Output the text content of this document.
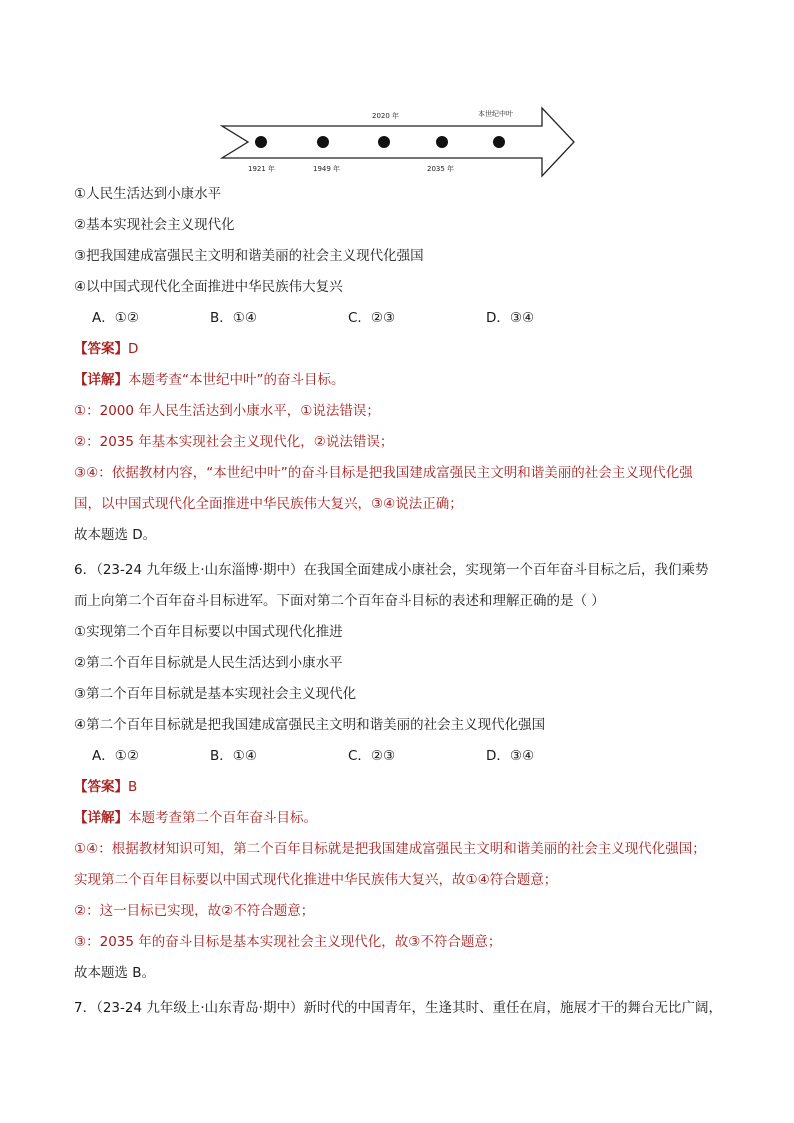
1921 年	1949 年	2035 年
2020 年	本世纪中叶
①人民生活达到小康水平
②基本实现社会主义现代化
③把我国建成富强民主文明和谐美丽的社会主义现代化强国
④以中国式现代化全面推进中华民族伟大复兴
A．①②	B．①④	C．②③	D．③④
【答案】D
【详解】本题考查“本世纪中叶”的奋斗目标。
①：2000 年人民生活达到小康水平，①说法错误；
②：2035 年基本实现社会主义现代化，②说法错误；
③④：依据教材内容，“本世纪中叶”的奋斗目标是把我国建成富强民主文明和谐美丽的社会主义现代化强
国，以中国式现代化全面推进中华民族伟大复兴，③④说法正确；
故本题选 D。
6．（23-24 九年级上·山东淄博·期中）在我国全面建成小康社会，实现第一个百年奋斗目标之后，我们乘势
而上向第二个百年奋斗目标进军。下面对第二个百年奋斗目标的表述和理解正确的是（ ）
①实现第二个百年目标要以中国式现代化推进
②第二个百年目标就是人民生活达到小康水平
③第二个百年目标就是基本实现社会主义现代化
④第二个百年目标就是把我国建成富强民主文明和谐美丽的社会主义现代化强国
A．①②	B．①④	C．②③	D．③④
【答案】B
【详解】本题考查第二个百年奋斗目标。
①④：根据教材知识可知，第二个百年目标就是把我国建成富强民主文明和谐美丽的社会主义现代化强国；
实现第二个百年目标要以中国式现代化推进中华民族伟大复兴，故①④符合题意；
②：这一目标已实现，故②不符合题意；
③：2035 年的奋斗目标是基本实现社会主义现代化，故③不符合题意；
故本题选 B。
7．（23-24 九年级上·山东青岛·期中）新时代的中国青年，生逢其时、重任在肩，施展才干的舞台无比广阔，
